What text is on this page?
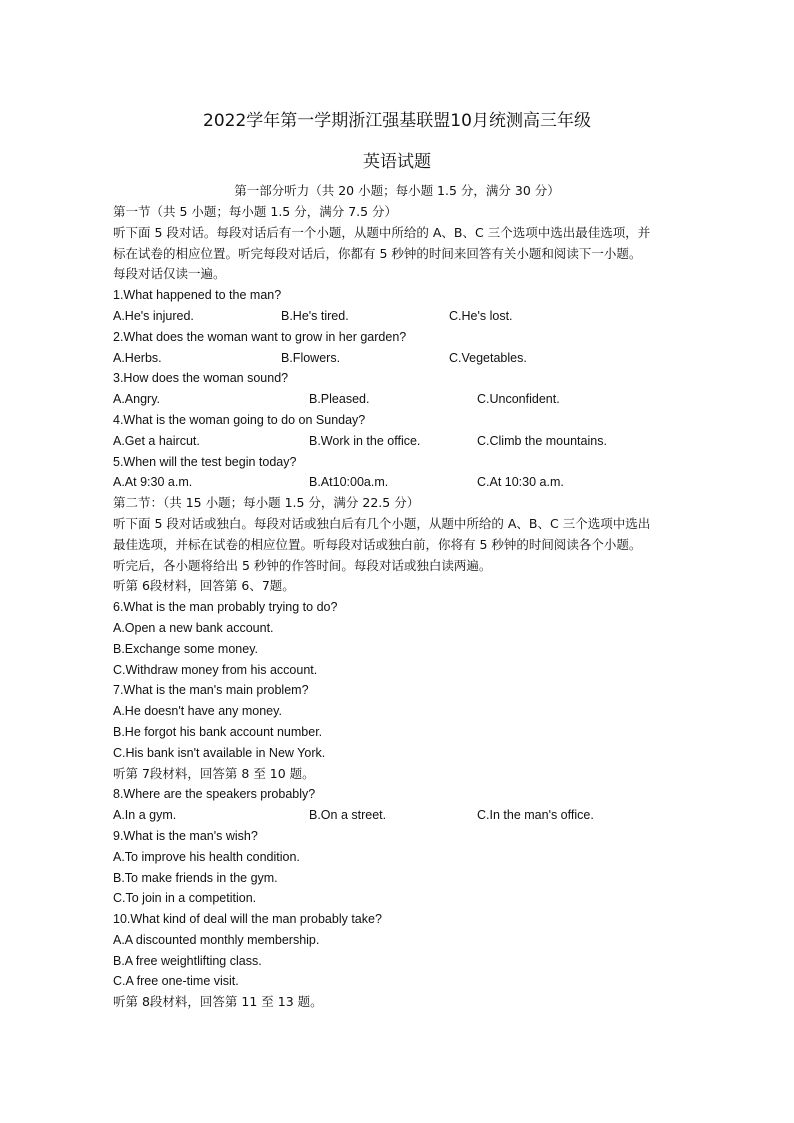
2022学年第一学期浙江强基联盟10月统测高三年级
英语试题
第一部分听力（共 20 小题；每小题 1.5 分，满分 30 分）
第一节（共 5 小题；每小题 1.5 分，满分 7.5 分）
听下面 5 段对话。每段对话后有一个小题，从题中所给的 A、B、C 三个选项中选出最佳选项，并
标在试卷的相应位置。听完每段对话后，你都有 5 秒钟的时间来回答有关小题和阅读下一小题。
每段对话仅读一遍。
1.What happened to the man?
A.He's injured.	B.He's tired.	C.He's lost.
2.What does the woman want to grow in her garden?
A.Herbs.	B.Flowers.	C.Vegetables.
3.How does the woman sound?
A.Angry.	B.Pleased.	C.Unconfident.
4.What is the woman going to do on Sunday?
A.Get a haircut.	B.Work in the office.	C.Climb the mountains.
5.When will the test begin today?
A.At 9:30 a.m.	B.At10:00a.m.	C.At 10:30 a.m.
第二节：（共 15 小题；每小题 1.5 分，满分 22.5 分）
听下面 5 段对话或独白。每段对话或独白后有几个小题，从题中所给的 A、B、C 三个选项中选出
最佳选项，并标在试卷的相应位置。听每段对话或独白前，你将有 5 秒钟的时间阅读各个小题。
听完后，各小题将给出 5 秒钟的作答时间。每段对话或独白读两遍。
听第 6段材料，回答第 6、7题。
6.What is the man probably trying to do?
A.Open a new bank account.
B.Exchange some money.
C.Withdraw money from his account.
7.What is the man's main problem?
A.He doesn't have any money.
B.He forgot his bank account number.
C.His bank isn't available in New York.
听第 7段材料，回答第 8 至 10 题。
8.Where are the speakers probably?
A.In a gym.	B.On a street.	C.In the man's office.
9.What is the man's wish?
A.To improve his health condition.
B.To make friends in the gym.
C.To join in a competition.
10.What kind of deal will the man probably take?
A.A discounted monthly membership.
B.A free weightlifting class.
C.A free one-time visit.
听第 8段材料，回答第 11 至 13 题。
